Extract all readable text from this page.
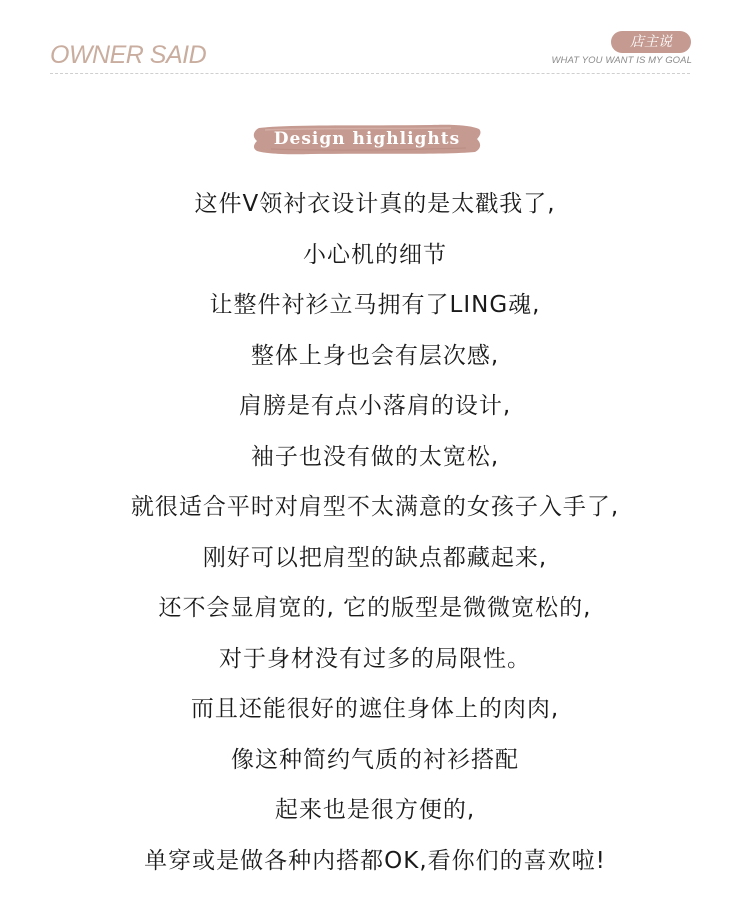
OWNER SAID	店主说
WHAT YOU WANT IS MY GOAL
Design highlights
这件V领衬衣设计真的是太戳我了,
小心机的细节
让整件衬衫立马拥有了LING魂,
整体上身也会有层次感,
肩膀是有点小落肩的设计,
袖子也没有做的太宽松,
就很适合平时对肩型不太满意的女孩子入手了,
刚好可以把肩型的缺点都藏起来,
还不会显肩宽的, 它的版型是微微宽松的,
对于身材没有过多的局限性。
而且还能很好的遮住身体上的肉肉,
像这种简约气质的衬衫搭配
起来也是很方便的,
单穿或是做各种内搭都OK,看你们的喜欢啦!
